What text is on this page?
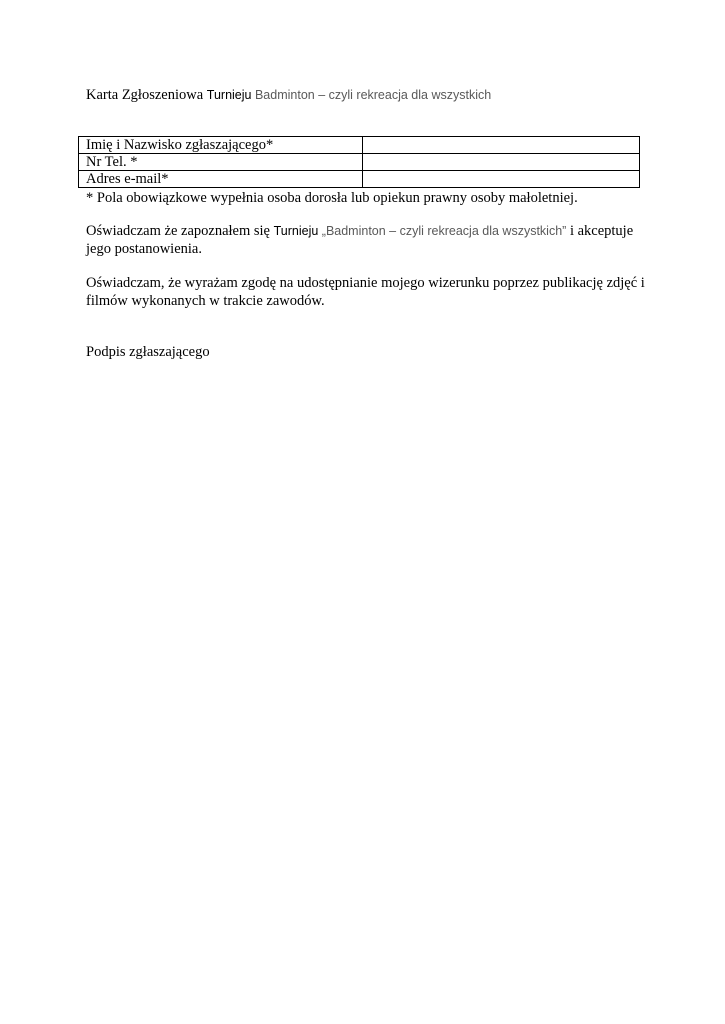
Karta Zgłoszeniowa Turnieju Badminton – czyli rekreacja dla wszystkich
Imię i Nazwisko zgłaszającego*	
Nr Tel. *	
Adres e-mail*	
* Pola obowiązkowe wypełnia osoba dorosła lub opiekun prawny osoby małoletniej.
Oświadczam że zapoznałem się Turnieju „Badminton – czyli rekreacja dla wszystkich” i akceptuje jego postanowienia.
Oświadczam, że wyrażam zgodę na udostępnianie mojego wizerunku poprzez publikację zdjęć i filmów wykonanych w trakcie zawodów.
Podpis zgłaszającego
